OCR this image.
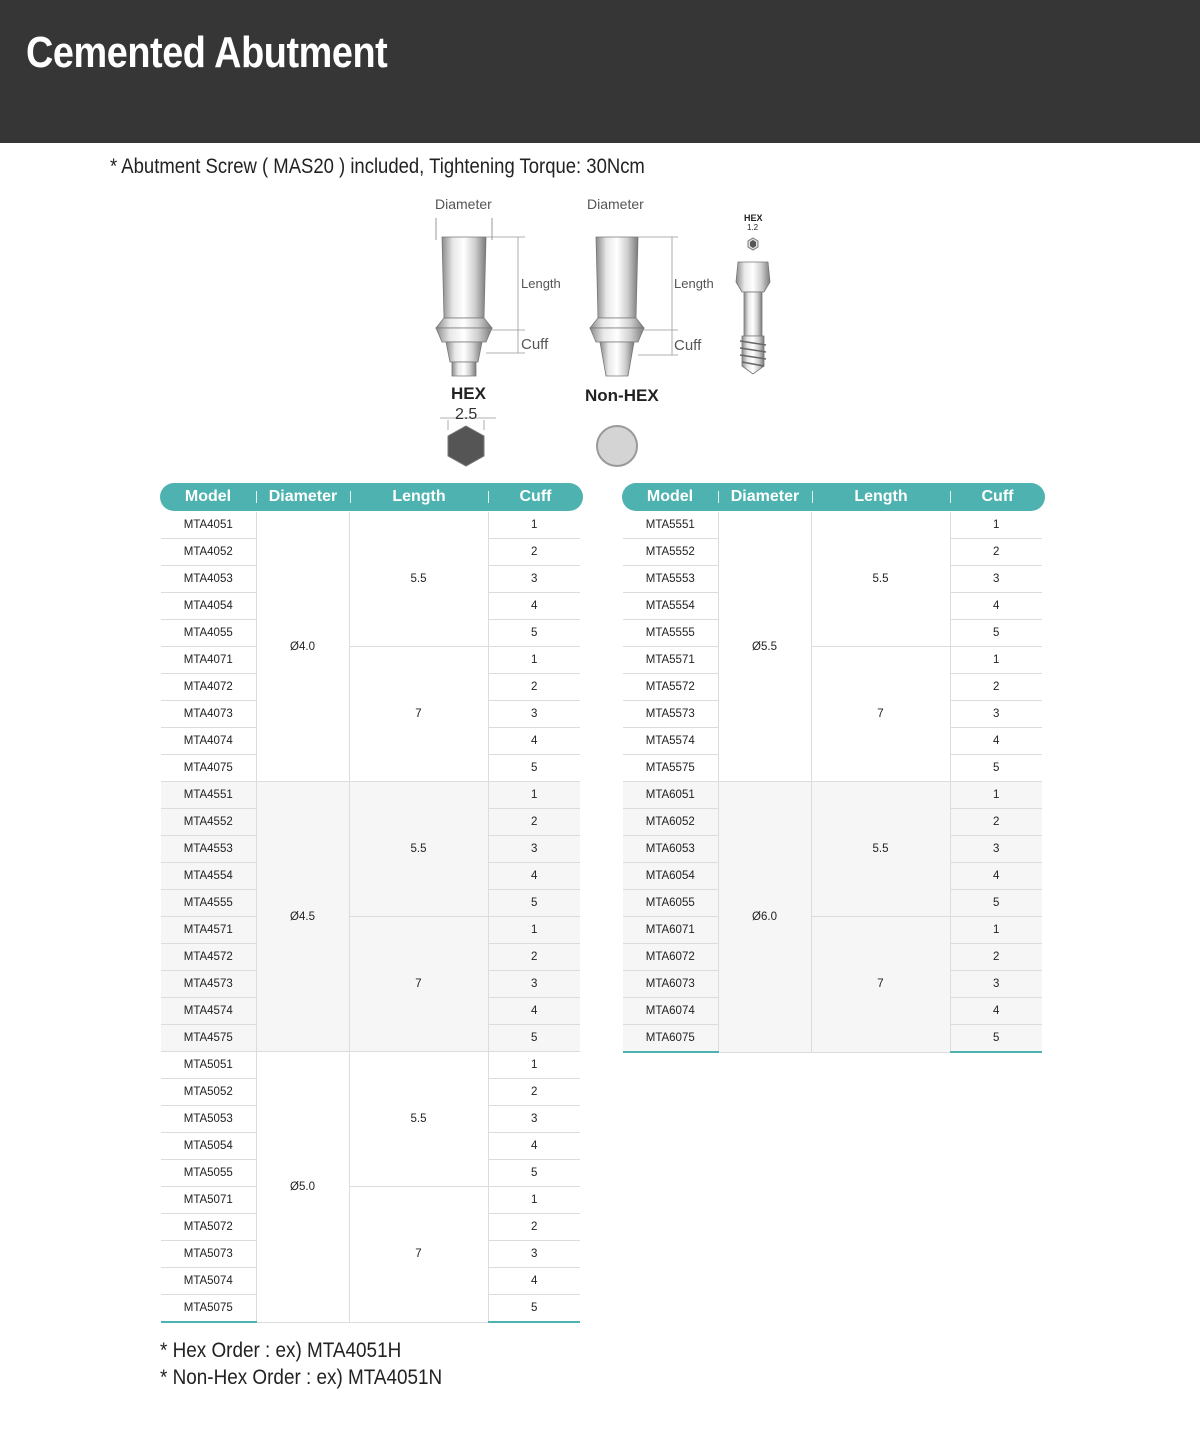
Cemented Abutment
* Abutment Screw ( MAS20 ) included, Tightening Torque: 30Ncm
Diameter	Diameter
Length	Length
Cuff	Cuff
HEX
1.2
HEX
2.5
Non-HEX
Model	Diameter	Length	Cuff
MTA4051	Ø4.0	5.5	1
MTA4052			2
MTA4053			3
MTA4054			4
MTA4055			5
MTA4071		7	1
MTA4072			2
MTA4073			3
MTA4074			4
MTA4075			5
MTA4551	Ø4.5	5.5	1
MTA4552			2
MTA4553			3
MTA4554			4
MTA4555			5
MTA4571		7	1
MTA4572			2
MTA4573			3
MTA4574			4
MTA4575			5
MTA5051	Ø5.0	5.5	1
MTA5052			2
MTA5053			3
MTA5054			4
MTA5055			5
MTA5071		7	1
MTA5072			2
MTA5073			3
MTA5074			4
MTA5075			5
Model	Diameter	Length	Cuff
MTA5551	Ø5.5	5.5	1
MTA5552			2
MTA5553			3
MTA5554			4
MTA5555			5
MTA5571		7	1
MTA5572			2
MTA5573			3
MTA5574			4
MTA5575			5
MTA6051	Ø6.0	5.5	1
MTA6052			2
MTA6053			3
MTA6054			4
MTA6055			5
MTA6071		7	1
MTA6072			2
MTA6073			3
MTA6074			4
MTA6075			5
* Hex Order : ex) MTA4051H
* Non-Hex Order : ex) MTA4051N
